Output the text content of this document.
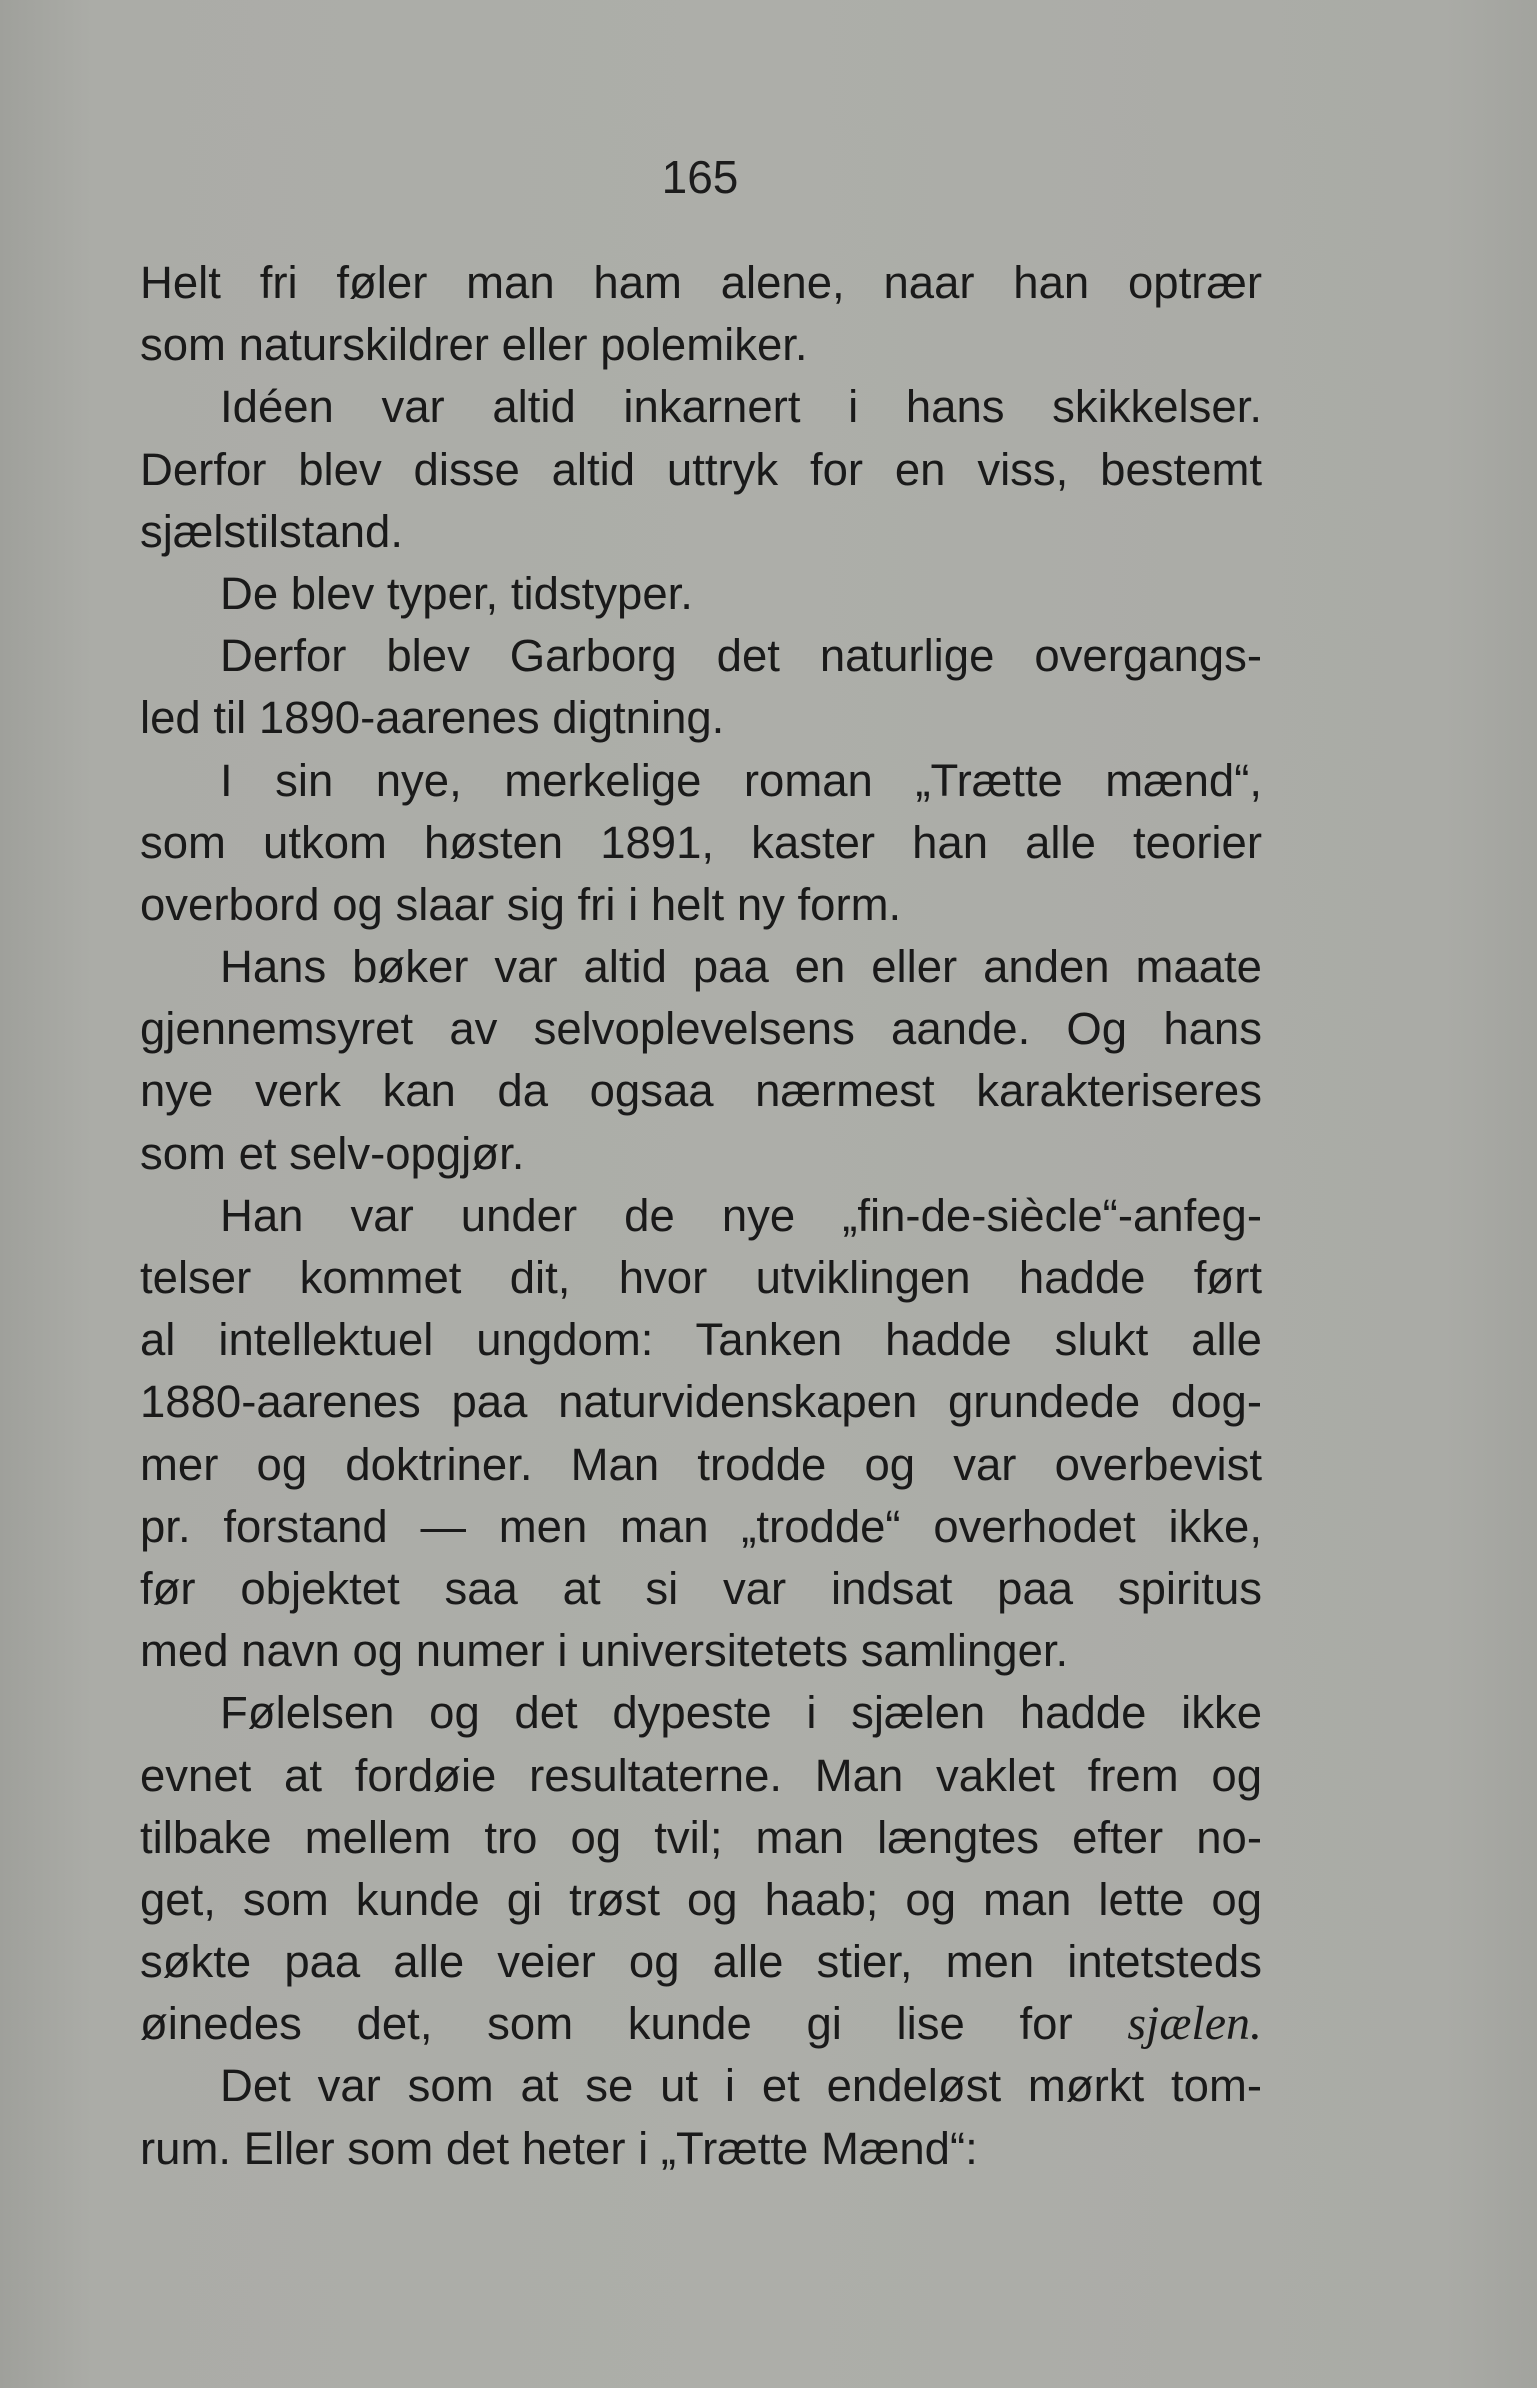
165
Helt fri føler man ham alene, naar han optrær
som naturskildrer eller polemiker.
Idéen var altid inkarnert i hans skikkelser.
Derfor blev disse altid uttryk for en viss, bestemt
sjælstilstand.
De blev typer, tidstyper.
Derfor blev Garborg det naturlige overgangs-
led til 1890-aarenes digtning.
I sin nye, merkelige roman „Trætte mænd“,
som utkom høsten 1891, kaster han alle teorier
overbord og slaar sig fri i helt ny form.
Hans bøker var altid paa en eller anden maate
gjennemsyret av selvoplevelsens aande. Og hans
nye verk kan da ogsaa nærmest karakteriseres
som et selv-opgjør.
Han var under de nye „fin-de-siècle“-anfeg-
telser kommet dit, hvor utviklingen hadde ført
al intellektuel ungdom: Tanken hadde slukt alle
1880-aarenes paa naturvidenskapen grundede dog-
mer og doktriner. Man trodde og var overbevist
pr. forstand — men man „trodde“ overhodet ikke,
før objektet saa at si var indsat paa spiritus
med navn og numer i universitetets samlinger.
Følelsen og det dypeste i sjælen hadde ikke
evnet at fordøie resultaterne. Man vaklet frem og
tilbake mellem tro og tvil; man længtes efter no-
get, som kunde gi trøst og haab; og man lette og
søkte paa alle veier og alle stier, men intetsteds
øinedes det, som kunde gi lise for sjælen.
Det var som at se ut i et endeløst mørkt tom-
rum. Eller som det heter i „Trætte Mænd“:
